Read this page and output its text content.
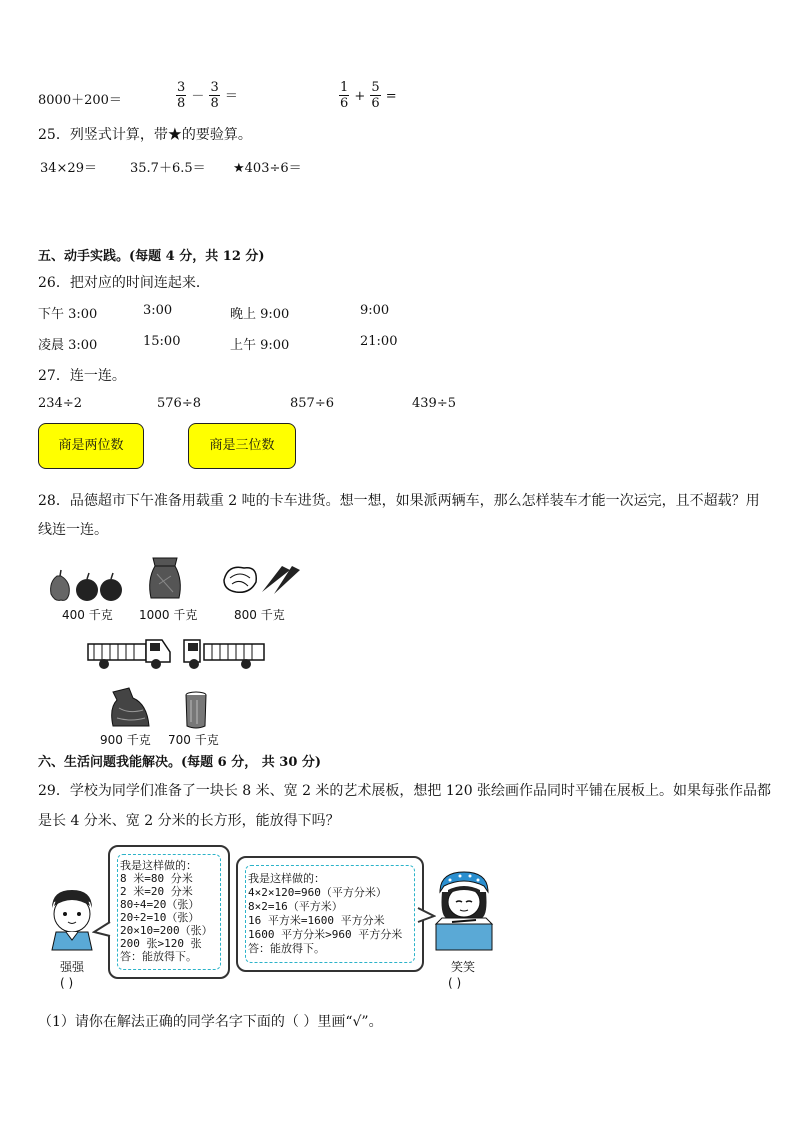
8000＋200＝	$\frac{3}{8} - \frac{3}{8}$ ＝	$\frac{1}{6} + \frac{5}{6}$ =
25．列竖式计算，带★的要验算。
34×29＝	35.7＋6.5＝ ★403÷6＝
五、动手实践。(每题 4 分，共 12 分)
26．把对应的时间连起来．
下午 3:00	3:00	晚上 9:00	9:00
凌晨 3:00	15:00	上午 9:00	21:00
27．连一连。
234÷2	576÷8	857÷6	439÷5
商是两位数	商是三位数
28．品德超市下午准备用载重 2 吨的卡车进货。想一想，如果派两辆车，那么怎样装车才能一次运完，且不超载？用
线连一连。
400 千克 1000 千克	800 千克
900 千克 700 千克
六、生活问题我能解决。(每题 6 分， 共 30 分)
29．学校为同学们准备了一块长 8 米、宽 2 米的艺术展板，想把 120 张绘画作品同时平铺在展板上。如果每张作品都
是长 4 分米、宽 2 分米的长方形，能放得下吗？
强强
( )
我是这样做的：
8 米=80 分米
2 米=20 分米
80÷4=20（张）
20÷2=10（张）
20×10=200（张）
200 张>120 张
答：能放得下。
我是这样做的：
4×2×120=960（平方分米）
8×2=16（平方米）
16 平方米=1600 平方分米
1600 平方分米>960 平方分米
答：能放得下。
笑笑
( )
（1）请你在解法正确的同学名字下面的（ ）里画“√”。
